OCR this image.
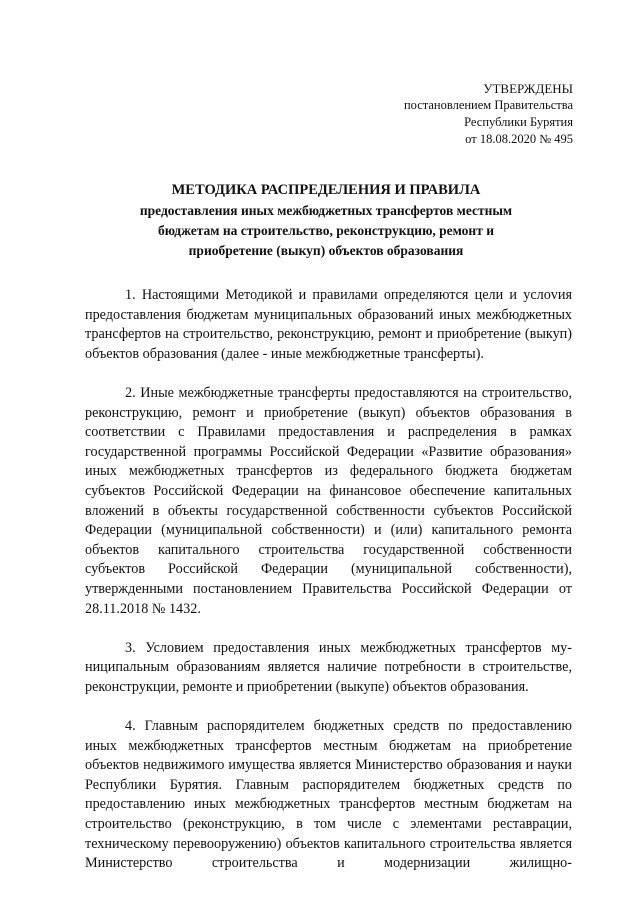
УТВЕРЖДЕНЫ
постановлением Правительства
Республики Бурятия
от 18.08.2020 № 495
МЕТОДИКА РАСПРЕДЕЛЕНИЯ И ПРАВИЛА
предоставления иных межбюджетных трансфертов местным
бюджетам на строительство, реконструкцию, ремонт и
приобретение (выкуп) объектов образования

1. Настоящими Методикой и правилами определяются цели и услоvия предоставления бюджетам муниципальных образований иных межбюджетных трансфертов на строительство, реконструкцию, ремонт и приобретение (выкуп) объектов образования (далее - иные межбюджетные трансферты).

2. Иные межбюджетные трансферты предоставляются на строительство, реконструкцию, ремонт и приобретение (выкуп) объектов образования в соответствии с Правилами предоставления и распределения в рамках государственной программы Российской Федерации «Развитие образования» иных межбюджетных трансфертов из федерального бюджета бюджетам субъектов Российской Федерации на финансовое обеспечение капитальных вложений в объекты государственной собственности субъектов Российской Федерации (муниципальной собственности) и (или) капитального ремонта объектов капитального строительства государственной собственности субъектов Российской Федерации (муниципальной собственности), утвержденными постановлением Правительства Российской Федерации от 28.11.2018 № 1432.

3. Условием предоставления иных межбюджетных трансфертов муниципальным образованиям является наличие потребности в строительстве, реконструкции, ремонте и приобретении (выкупе) объектов образования.

4. Главным распорядителем бюджетных средств по предоставлению иных межбюджетных трансфертов местным бюджетам на приобретение объектов недвижимого имущества является Министерство образования и науки Республики Бурятия. Главным распорядителем бюджетных средств по предоставлению иных межбюджетных трансфертов местным бюджетам на строительство (реконструкцию, в том числе с элементами реставрации, техническому перевооружению) объектов капитального строительства является Министерство строительства и модернизации жилищно-
